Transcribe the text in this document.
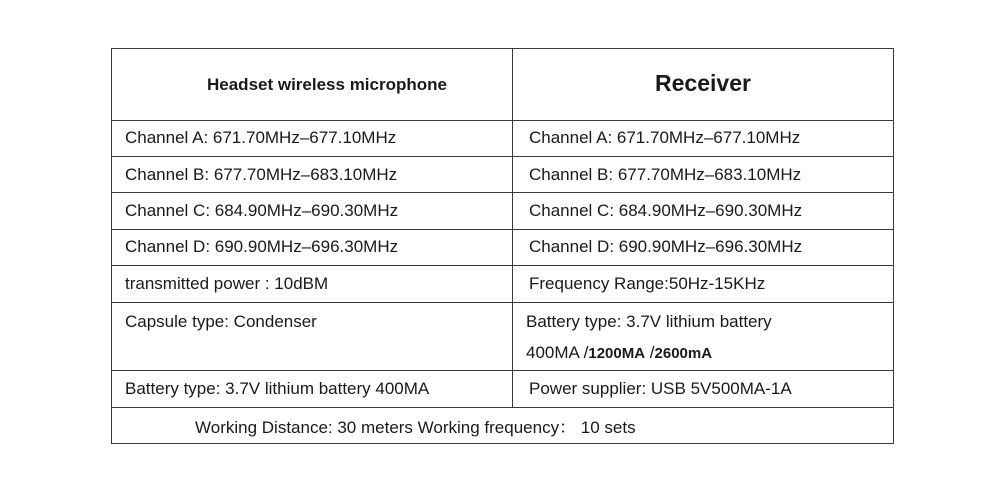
Headset wireless microphone	Receiver
Channel A: 671.70MHz–677.10MHz	Channel A: 671.70MHz–677.10MHz
Channel B: 677.70MHz–683.10MHz	Channel B: 677.70MHz–683.10MHz
Channel C: 684.90MHz–690.30MHz	Channel C: 684.90MHz–690.30MHz
Channel D: 690.90MHz–696.30MHz	Channel D: 690.90MHz–696.30MHz
transmitted power : 10dBM	Frequency Range:50Hz-15KHz
Capsule type: Condenser	Battery type: 3.7V lithium battery
400MA /1200MA /2600mA

Battery type: 3.7V lithium battery 400MA	Power supplier: USB 5V500MA-1A
Working Distance: 30 meters Working frequency： 10 sets	
